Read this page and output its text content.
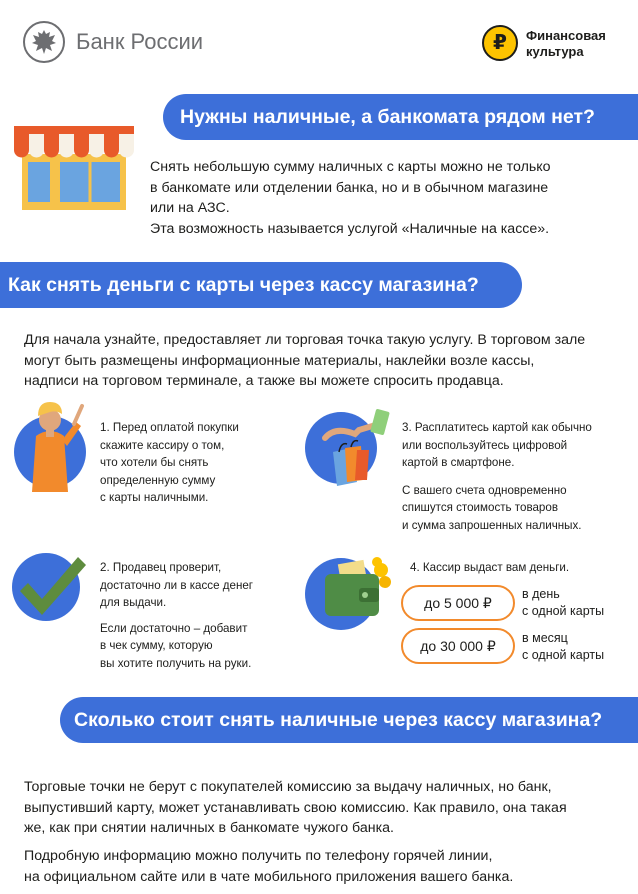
Банк России	₽	Финансовая
культура
Нужны наличные, а банкомата рядом нет?
Снять небольшую сумму наличных с карты можно не только
в банкомате или отделении банка, но и в обычном магазине
или на АЗС.
Эта возможность называется услугой «Наличные на кассе».
Как снять деньги с карты через кассу магазина?
Для начала узнайте, предоставляет ли торговая точка такую услугу. В торговом зале
могут быть размещены информационные материалы, наклейки возле кассы,
надписи на торговом терминале, а также вы можете спросить продавца.
1. Перед оплатой покупки
скажите кассиру о том,
что хотели бы снять
определенную сумму
с карты наличными.
3. Расплатитесь картой как обычно
или воспользуйтесь цифровой
картой в смартфоне.
С вашего счета одновременно
спишутся стоимость товаров
и сумма запрошенных наличных.
2. Продавец проверит,
достаточно ли в кассе денег
для выдачи.
Если достаточно – добавит
в чек сумму, которую
вы хотите получить на руки.
4. Кассир выдаст вам деньги.
до 5 000 ₽
в день
с одной карты
до 30 000 ₽	в месяц
с одной карты
Сколько стоит снять наличные через кассу магазина?
Торговые точки не берут с покупателей комиссию за выдачу наличных, но банк,
выпустивший карту, может устанавливать свою комиссию. Как правило, она такая
же, как при снятии наличных в банкомате чужого банка.
Подробную информацию можно получить по телефону горячей линии,
на официальном сайте или в чате мобильного приложения вашего банка.
